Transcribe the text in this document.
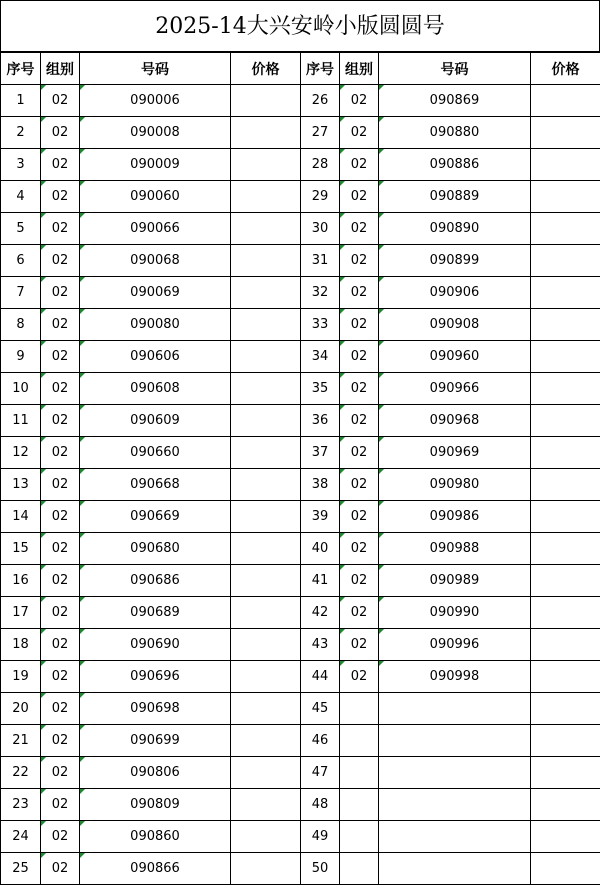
2025-14大兴安岭小版圆圆号
序号	组别	号码	价格	序号	组别	号码	价格
1	02	090006		26	02	090869	
2	02	090008		27	02	090880	
3	02	090009		28	02	090886	
4	02	090060		29	02	090889	
5	02	090066		30	02	090890	
6	02	090068		31	02	090899	
7	02	090069		32	02	090906	
8	02	090080		33	02	090908	
9	02	090606		34	02	090960	
10	02	090608		35	02	090966	
11	02	090609		36	02	090968	
12	02	090660		37	02	090969	
13	02	090668		38	02	090980	
14	02	090669		39	02	090986	
15	02	090680		40	02	090988	
16	02	090686		41	02	090989	
17	02	090689		42	02	090990	
18	02	090690		43	02	090996	
19	02	090696		44	02	090998	
20	02	090698		45			
21	02	090699		46			
22	02	090806		47			
23	02	090809		48			
24	02	090860		49			
25	02	090866		50			
